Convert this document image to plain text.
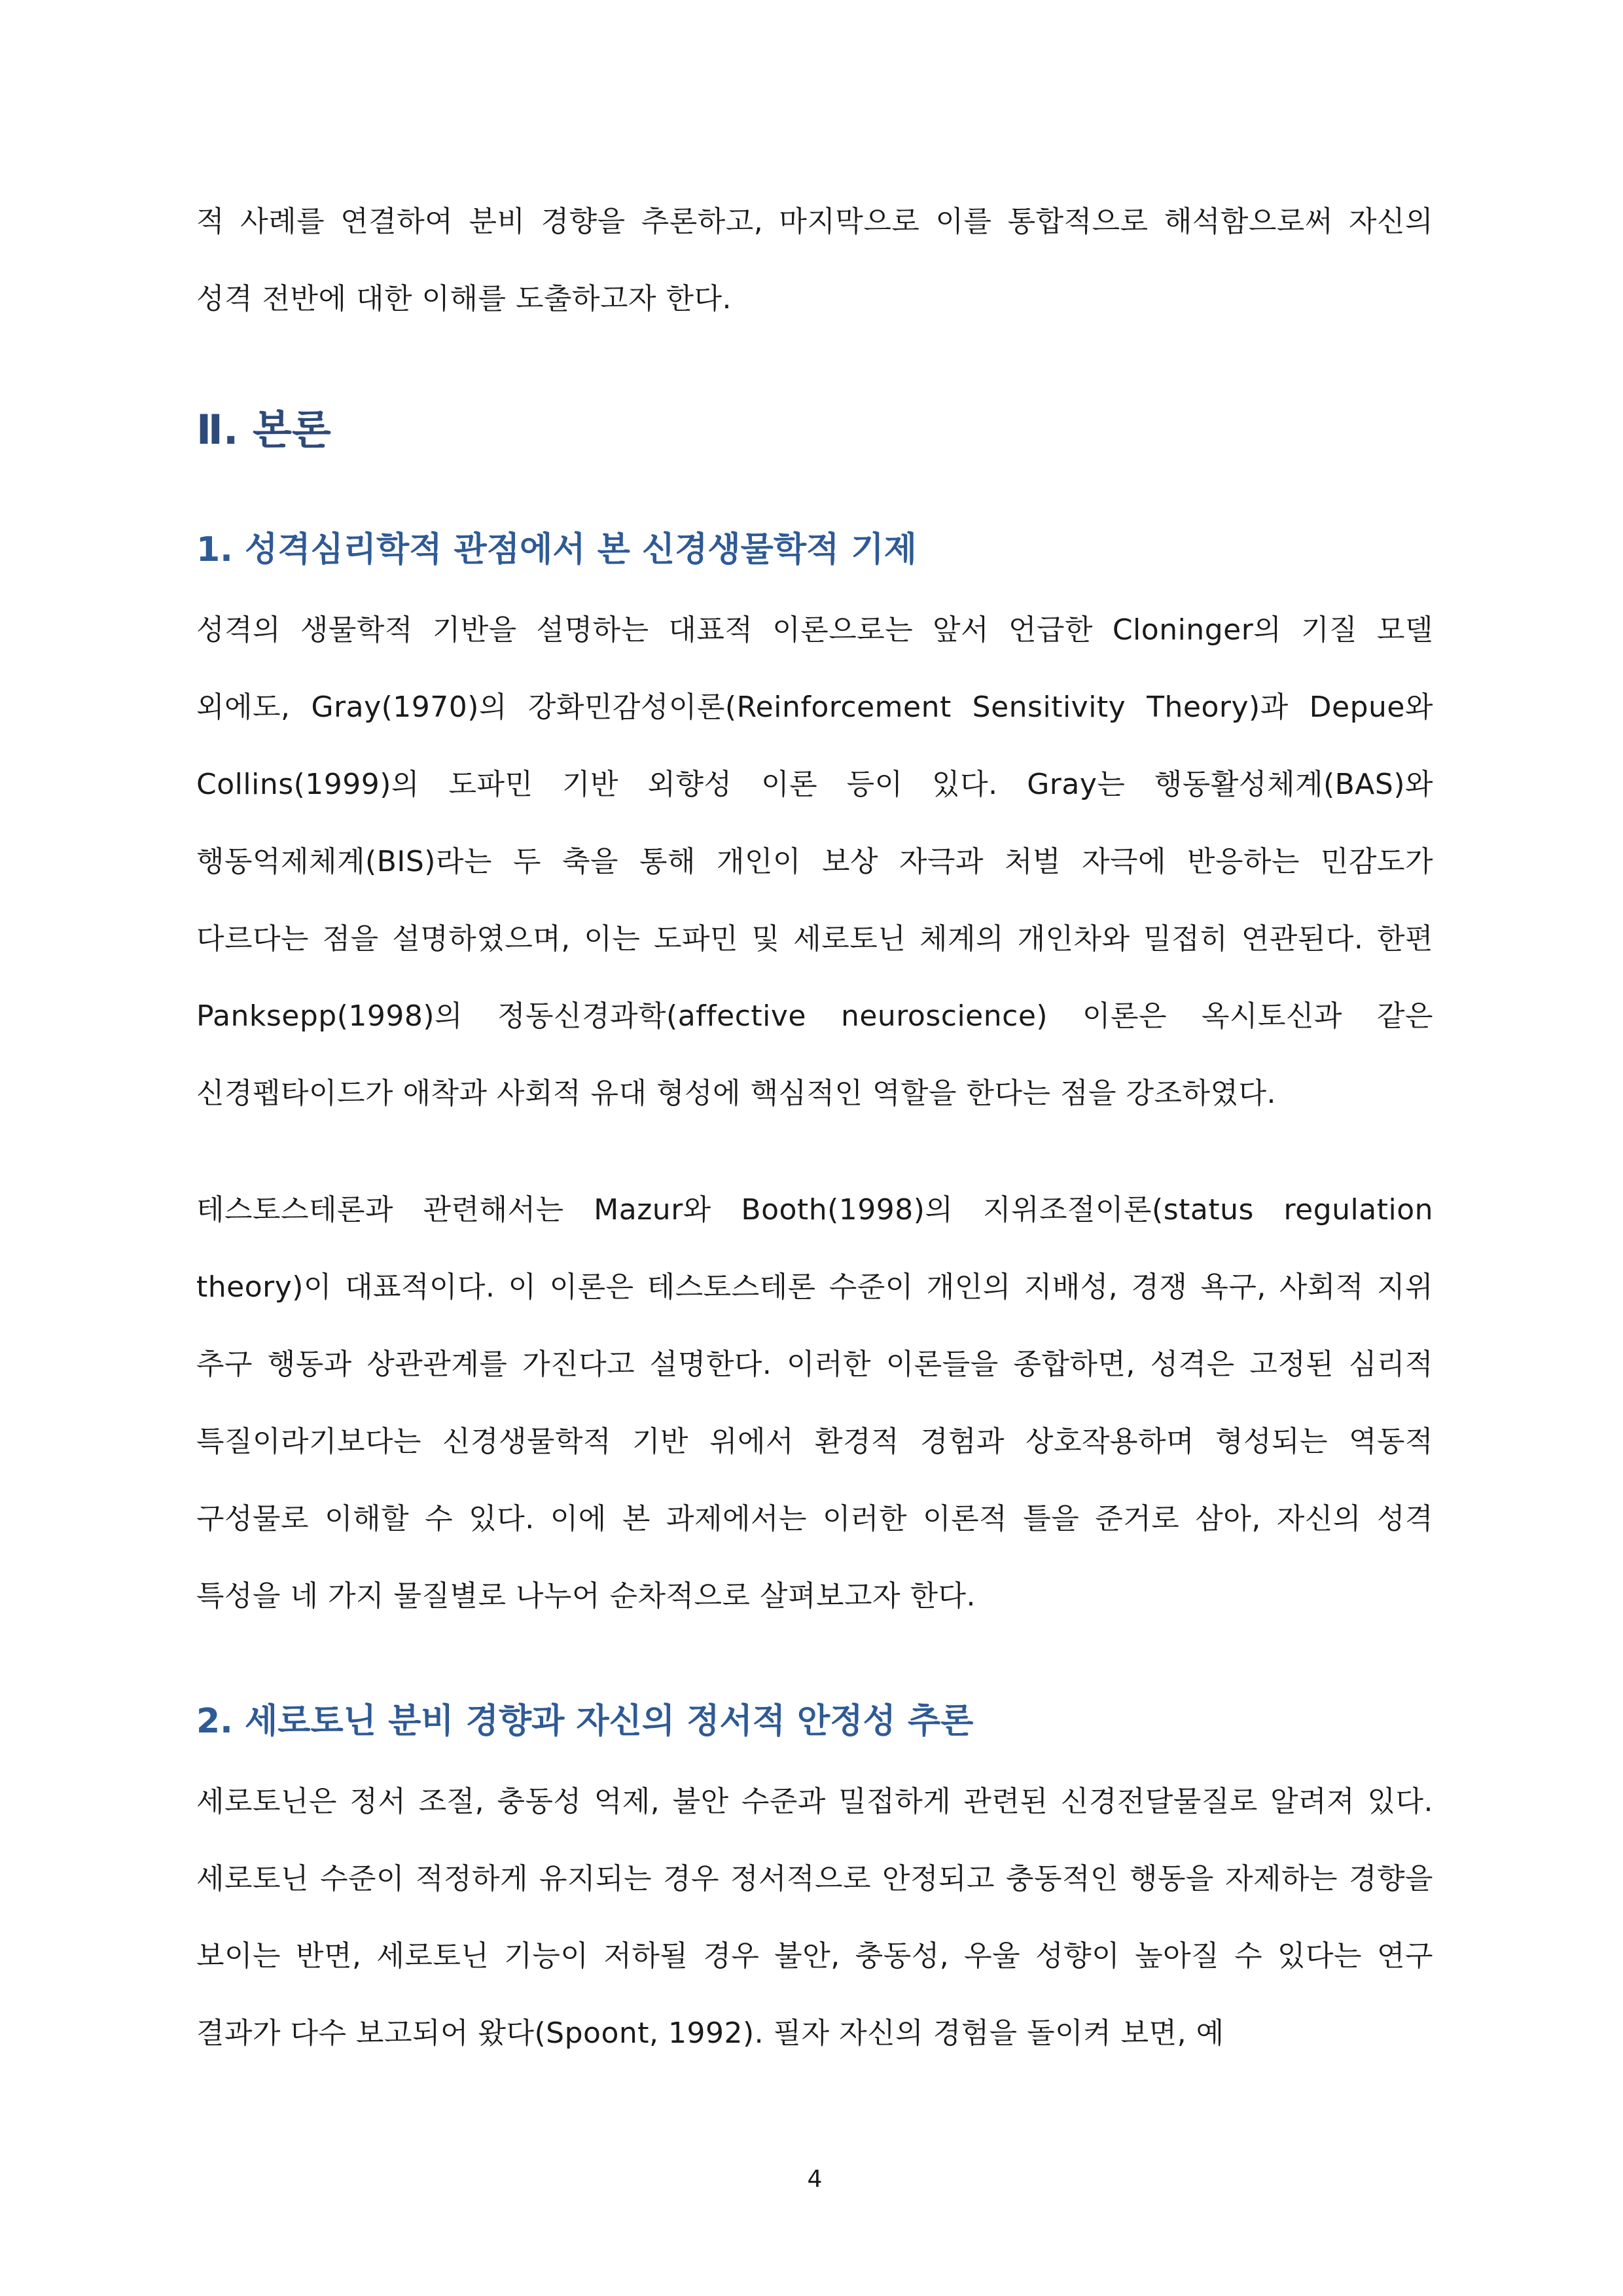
적 사례를 연결하여 분비 경향을 추론하고, 마지막으로 이를 통합적으로 해석함으로써 자신의 성격 전반에 대한 이해를 도출하고자 한다.

Ⅱ. 본론
1. 성격심리학적 관점에서 본 신경생물학적 기제

성격의 생물학적 기반을 설명하는 대표적 이론으로는 앞서 언급한 Cloninger의 기질 모델 외에도, Gray(1970)의 강화민감성이론(Reinforcement Sensitivity Theory)과 Depue와 Collins(1999)의 도파민 기반 외향성 이론 등이 있다. Gray는 행동활성체계(BAS)와 행동억제체계(BIS)라는 두 축을 통해 개인이 보상 자극과 처벌 자극에 반응하는 민감도가 다르다는 점을 설명하였으며, 이는 도파민 및 세로토닌 체계의 개인차와 밀접히 연관된다. 한편 Panksepp(1998)의 정동신경과학(affective neuroscience) 이론은 옥시토신과 같은 신경펩타이드가 애착과 사회적 유대 형성에 핵심적인 역할을 한다는 점을 강조하였다.

테스토스테론과 관련해서는 Mazur와 Booth(1998)의 지위조절이론(status regulation theory)이 대표적이다. 이 이론은 테스토스테론 수준이 개인의 지배성, 경쟁 욕구, 사회적 지위 추구 행동과 상관관계를 가진다고 설명한다. 이러한 이론들을 종합하면, 성격은 고정된 심리적 특질이라기보다는 신경생물학적 기반 위에서 환경적 경험과 상호작용하며 형성되는 역동적 구성물로 이해할 수 있다. 이에 본 과제에서는 이러한 이론적 틀을 준거로 삼아, 자신의 성격 특성을 네 가지 물질별로 나누어 순차적으로 살펴보고자 한다.

2. 세로토닌 분비 경향과 자신의 정서적 안정성 추론

세로토닌은 정서 조절, 충동성 억제, 불안 수준과 밀접하게 관련된 신경전달물질로 알려져 있다. 세로토닌 수준이 적정하게 유지되는 경우 정서적으로 안정되고 충동적인 행동을 자제하는 경향을 보이는 반면, 세로토닌 기능이 저하될 경우 불안, 충동성, 우울 성향이 높아질 수 있다는 연구 결과가 다수 보고되어 왔다(Spoont, 1992). 필자 자신의 경험을 돌이켜 보면, 예

4
